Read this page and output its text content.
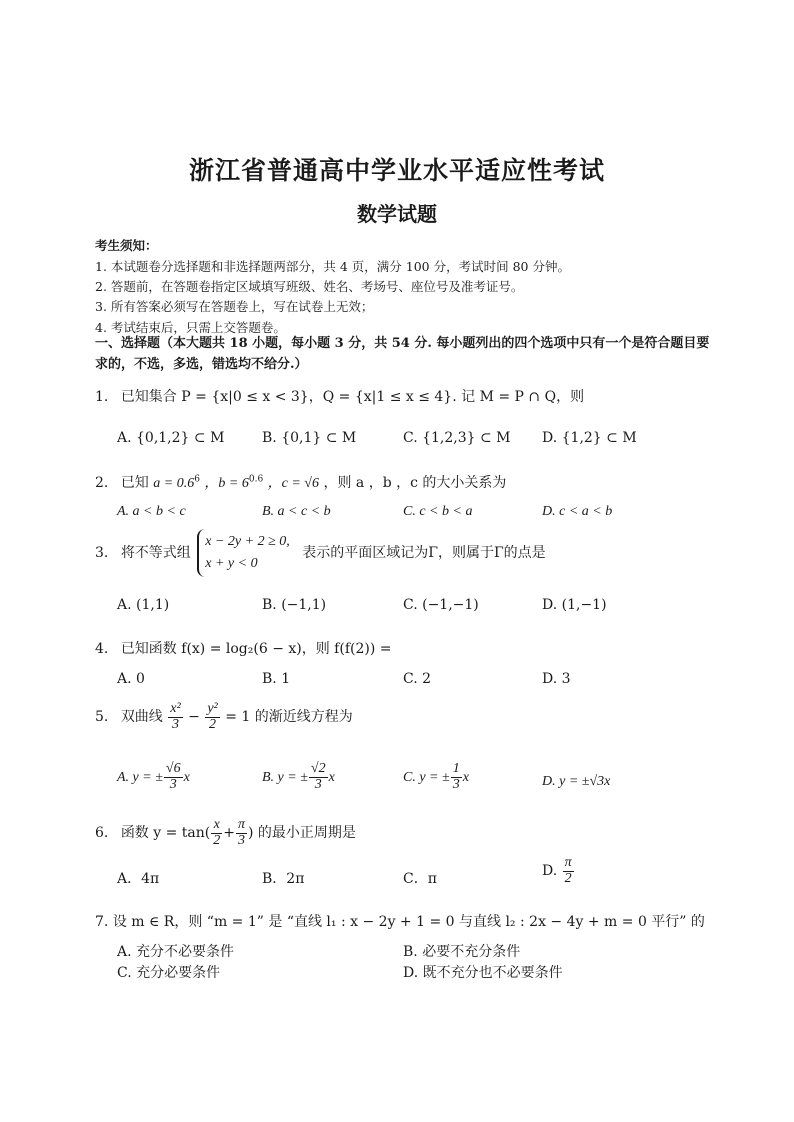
浙江省普通高中学业水平适应性考试
数学试题
考生须知：
1. 本试题卷分选择题和非选择题两部分，共 4 页，满分 100 分，考试时间 80 分钟。
2. 答题前，在答题卷指定区域填写班级、姓名、考场号、座位号及准考证号。
3. 所有答案必须写在答题卷上，写在试卷上无效；
4. 考试结束后，只需上交答题卷。
一、选择题（本大题共 18 小题，每小题 3 分，共 54 分. 每小题列出的四个选项中只有一个是符合题目要求的，不选，多选，错选均不给分.）
1. 已知集合 P = {x|0 ≤ x < 3}，Q = {x|1 ≤ x ≤ 4}. 记 M = P ∩ Q，则
A. {0,1,2} ⊂ M	B. {0,1} ⊂ M	C. {1,2,3} ⊂ M D. {1,2} ⊂ M
2. 已知 $a = 0.6^6$ ，$b = 6^{0.6}$ ，c = √6 ，则 a ，b ，c 的大小关系为
A. a < b < c	B. a < c < b	C. c < b < a	D. c < a < b
3. 将不等式组
x − 2y + 2 ≥ 0,
x + y < 0
表示的平面区域记为Γ，则属于Γ的点是
A. (1,1)	B. (−1,1)	C. (−1,−1)	D. (1,−1)
4. 已知函数 f(x) = log₂(6 − x)，则 f(f(2)) =
A. 0	B. 1	C. 2	D. 3
5. 双曲线 $\frac{\text{x²}}{3} - \frac{\text{y²}}{2} = 1$ 的渐近线方程为
A. y = ± $\frac{√6}{3}$ x	B. y = ± $\frac{√2}{3}$ x	C. y = ± $\frac{1}{3}$ x	D. y = ±√3x
6. 函数 $y = \tan( \frac{x}{2} + \frac{\pi}{3}$ ) 的最小正周期是
A．4π	B．2π	C．π	D. $\frac{\pi}{2}$
7. 设 m ∈ R，则 “m = 1” 是 “直线 l₁ : x − 2y + 1 = 0 与直线 l₂ : 2x − 4y + m = 0 平行” 的
A. 充分不必要条件	B. 必要不充分条件
C. 充分必要条件	D. 既不充分也不必要条件
